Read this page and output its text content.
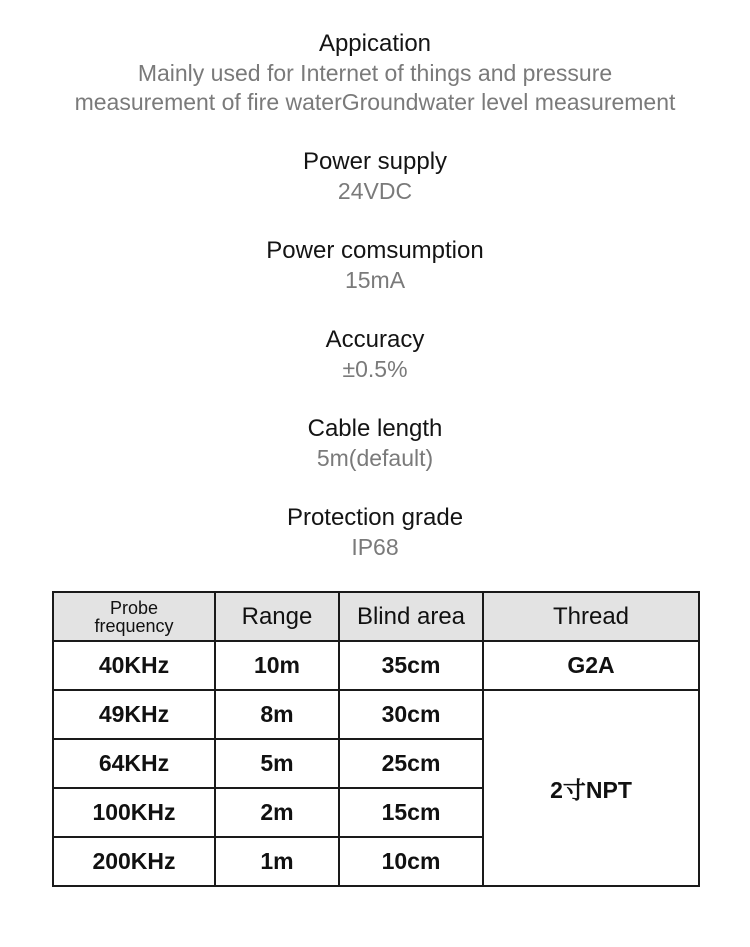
Appication
Mainly used for Internet of things and pressure
measurement of fire waterGroundwater level measurement
Power supply
24VDC
Power comsumption
15mA
Accuracy
±0.5%
Cable length
5m(default)
Protection grade
IP68
Probe
frequency	Range	Blind area	Thread
40KHz	10m	35cm	G2A
49KHz	8m	30cm	2寸NPT
64KHz	5m	25cm	
100KHz	2m	15cm	
200KHz	1m	10cm	
